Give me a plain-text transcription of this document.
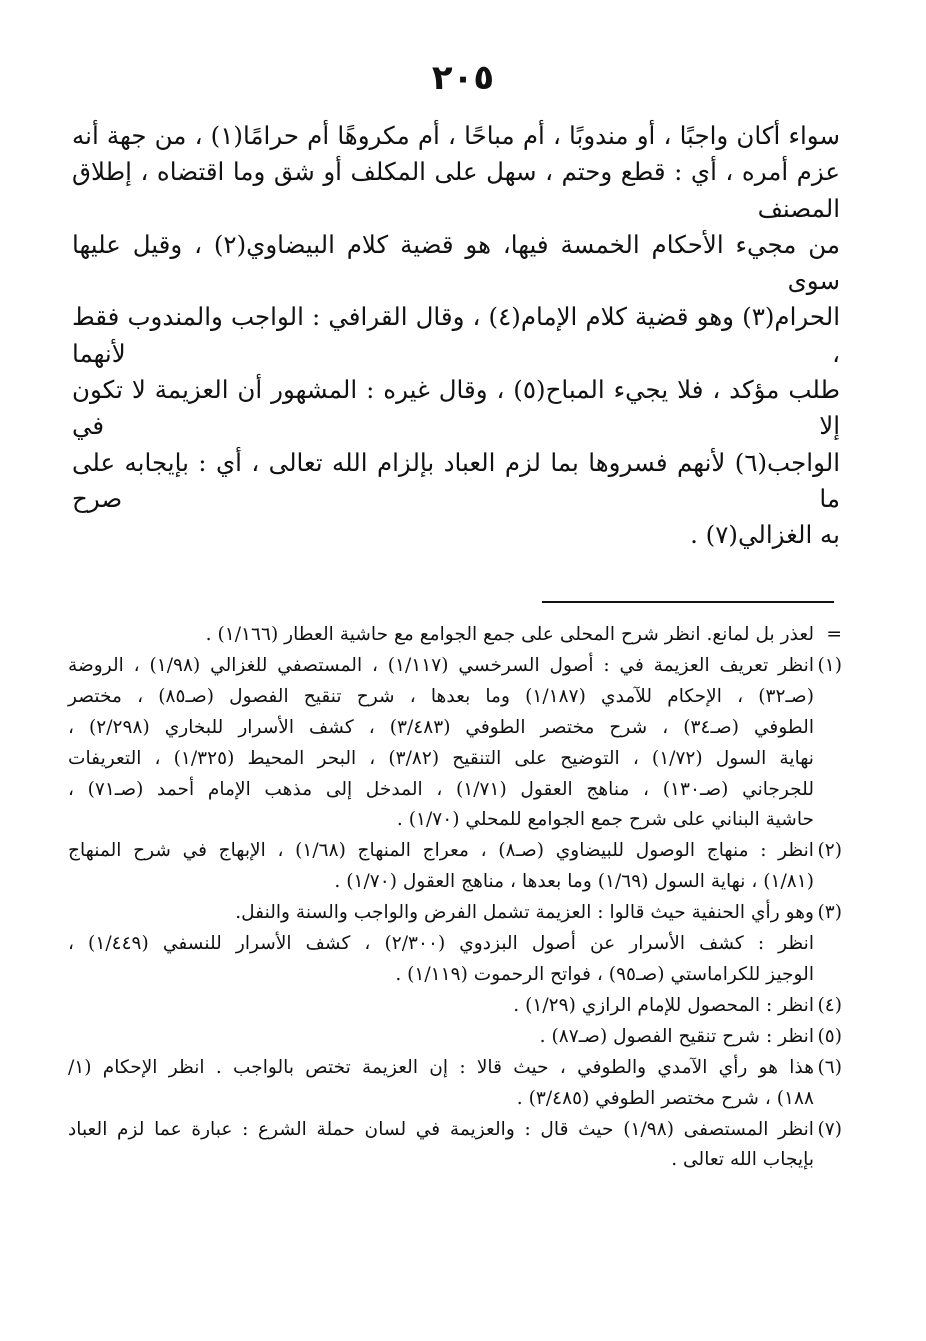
٢٠٥
سواء أكان واجبًا ، أو مندوبًا ، أم مباحًا ، أم مكروهًا أم حرامًا(١) ، من جهة أنه
عزم أمره ، أي : قطع وحتم ، سهل على المكلف أو شق وما اقتضاه ، إطلاق المصنف
من مجيء الأحكام الخمسة فيها، هو قضية كلام البيضاوي(٢) ، وقيل عليها سوى
الحرام(٣) وهو قضية كلام الإمام(٤) ، وقال القرافي : الواجب والمندوب فقط ، لأنهما
طلب مؤكد ، فلا يجيء المباح(٥) ، وقال غيره : المشهور أن العزيمة لا تكون إلا في
الواجب(٦) لأنهم فسروها بما لزم العباد بإلزام الله تعالى ، أي : بإيجابه على ما صرح
به الغزالي(٧) .
=
لعذر بل لمانع. انظر شرح المحلى على جمع الجوامع مع حاشية العطار (١/١٦٦) .
(١)
انظر تعريف العزيمة في : أصول السرخسي (١/١١٧) ، المستصفي للغزالي (١/٩٨) ، الروضة
(صـ٣٢) ، الإحكام للآمدي (١/١٨٧) وما بعدها ، شرح تنقيح الفصول (صـ٨٥) ، مختصر
الطوفي (صـ٣٤) ، شرح مختصر الطوفي (٣/٤٨٣) ، كشف الأسرار للبخاري (٢/٢٩٨) ،
نهاية السول (١/٧٢) ، التوضيح على التنقيح (٣/٨٢) ، البحر المحيط (١/٣٢٥) ، التعريفات
للجرجاني (صـ١٣٠) ، مناهج العقول (١/٧١) ، المدخل إلى مذهب الإمام أحمد (صـ٧١) ،
حاشية البناني على شرح جمع الجوامع للمحلي (١/٧٠) .
(٢)
انظر : منهاج الوصول للبيضاوي (صـ٨) ، معراج المنهاج (١/٦٨) ، الإبهاج في شرح المنهاج
(١/٨١) ، نهاية السول (١/٦٩) وما بعدها ، مناهج العقول (١/٧٠) .
(٣)
وهو رأي الحنفية حيث قالوا : العزيمة تشمل الفرض والواجب والسنة والنفل.
انظر : كشف الأسرار عن أصول البزدوي (٢/٣٠٠) ، كشف الأسرار للنسفي (١/٤٤٩) ،
الوجيز للكراماستي (صـ٩٥) ، فواتح الرحموت (١/١١٩) .
(٤)
انظر : المحصول للإمام الرازي (١/٢٩) .
(٥)
انظر : شرح تنقيح الفصول (صـ٨٧) .
(٦)
هذا هو رأي الآمدي والطوفي ، حيث قالا : إن العزيمة تختص بالواجب . انظر الإحكام (١/
١٨٨) ، شرح مختصر الطوفي (٣/٤٨٥) .
(٧)
انظر المستصفى (١/٩٨) حيث قال : والعزيمة في لسان حملة الشرع : عبارة عما لزم العباد
بإيجاب الله تعالى .
